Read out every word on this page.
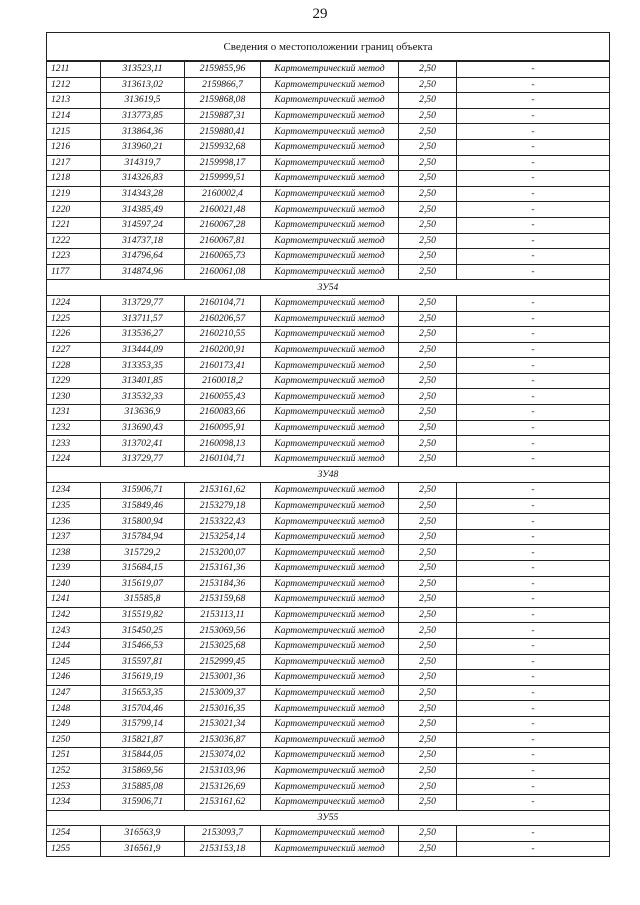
29
Сведения о местоположении границ объекта					
1211	313523,11	2159855,96	Картометрический метод	2,50	-
1212	313613,02	2159866,7	Картометрический метод	2,50	-
1213	313619,5	2159868,08	Картометрический метод	2,50	-
1214	313773,85	2159887,31	Картометрический метод	2,50	-
1215	313864,36	2159880,41	Картометрический метод	2,50	-
1216	313960,21	2159932,68	Картометрический метод	2,50	-
1217	314319,7	2159998,17	Картометрический метод	2,50	-
1218	314326,83	2159999,51	Картометрический метод	2,50	-
1219	314343,28	2160002,4	Картометрический метод	2,50	-
1220	314385,49	2160021,48	Картометрический метод	2,50	-
1221	314597,24	2160067,28	Картометрический метод	2,50	-
1222	314737,18	2160067,81	Картометрический метод	2,50	-
1223	314796,64	2160065,73	Картометрический метод	2,50	-
1177	314874,96	2160061,08	Картометрический метод	2,50	-
ЗУ54					
1224	313729,77	2160104,71	Картометрический метод	2,50	-
1225	313711,57	2160206,57	Картометрический метод	2,50	-
1226	313536,27	2160210,55	Картометрический метод	2,50	-
1227	313444,09	2160200,91	Картометрический метод	2,50	-
1228	313353,35	2160173,41	Картометрический метод	2,50	-
1229	313401,85	2160018,2	Картометрический метод	2,50	-
1230	313532,33	2160055,43	Картометрический метод	2,50	-
1231	313636,9	2160083,66	Картометрический метод	2,50	-
1232	313690,43	2160095,91	Картометрический метод	2,50	-
1233	313702,41	2160098,13	Картометрический метод	2,50	-
1224	313729,77	2160104,71	Картометрический метод	2,50	-
ЗУ48					
1234	315906,71	2153161,62	Картометрический метод	2,50	-
1235	315849,46	2153279,18	Картометрический метод	2,50	-
1236	315800,94	2153322,43	Картометрический метод	2,50	-
1237	315784,94	2153254,14	Картометрический метод	2,50	-
1238	315729,2	2153200,07	Картометрический метод	2,50	-
1239	315684,15	2153161,36	Картометрический метод	2,50	-
1240	315619,07	2153184,36	Картометрический метод	2,50	-
1241	315585,8	2153159,68	Картометрический метод	2,50	-
1242	315519,82	2153113,11	Картометрический метод	2,50	-
1243	315450,25	2153069,56	Картометрический метод	2,50	-
1244	315466,53	2153025,68	Картометрический метод	2,50	-
1245	315597,81	2152999,45	Картометрический метод	2,50	-
1246	315619,19	2153001,36	Картометрический метод	2,50	-
1247	315653,35	2153009,37	Картометрический метод	2,50	-
1248	315704,46	2153016,35	Картометрический метод	2,50	-
1249	315799,14	2153021,34	Картометрический метод	2,50	-
1250	315821,87	2153036,87	Картометрический метод	2,50	-
1251	315844,05	2153074,02	Картометрический метод	2,50	-
1252	315869,56	2153103,96	Картометрический метод	2,50	-
1253	315885,08	2153126,69	Картометрический метод	2,50	-
1234	315906,71	2153161,62	Картометрический метод	2,50	-
ЗУ55					
1254	316563,9	2153093,7	Картометрический метод	2,50	-
1255	316561,9	2153153,18	Картометрический метод	2,50	-
